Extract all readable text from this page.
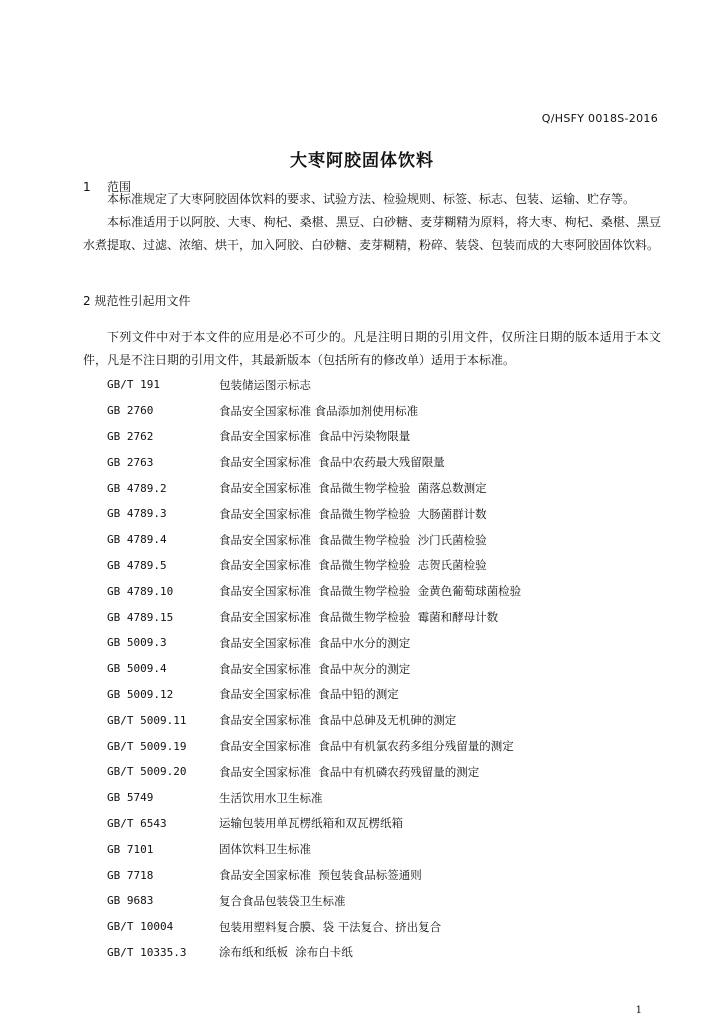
Q/HSFY 0018S-2016
大枣阿胶固体饮料
1 范围
本标准规定了大枣阿胶固体饮料的要求、试验方法、检验规则、标签、标志、包装、运输、贮存等。
本标准适用于以阿胶、大枣、枸杞、桑椹、黑豆、白砂糖、麦芽糊精为原料，将大枣、枸杞、桑椹、黑豆水煮提取、过滤、浓缩、烘干，加入阿胶、白砂糖、麦芽糊精，粉碎、装袋、包装而成的大枣阿胶固体饮料。
2 规范性引起用文件
下列文件中对于本文件的应用是必不可少的。凡是注明日期的引用文件，仅所注日期的版本适用于本文件，凡是不注日期的引用文件，其最新版本（包括所有的修改单）适用于本标准。
GB/T 191	包装储运图示标志
GB 2760	食品安全国家标准 食品添加剂使用标准
GB 2762	食品安全国家标准  食品中污染物限量
GB 2763	食品安全国家标准  食品中农药最大残留限量
GB 4789.2	食品安全国家标准  食品微生物学检验  菌落总数测定
GB 4789.3	食品安全国家标准  食品微生物学检验  大肠菌群计数
GB 4789.4	食品安全国家标准  食品微生物学检验  沙门氏菌检验
GB 4789.5	食品安全国家标准  食品微生物学检验  志贺氏菌检验
GB 4789.10	食品安全国家标准  食品微生物学检验  金黄色葡萄球菌检验
GB 4789.15	食品安全国家标准  食品微生物学检验  霉菌和酵母计数
GB 5009.3	食品安全国家标准  食品中水分的测定
GB 5009.4	食品安全国家标准  食品中灰分的测定
GB 5009.12	食品安全国家标准  食品中铅的测定
GB/T 5009.11	食品安全国家标准  食品中总砷及无机砷的测定
GB/T 5009.19	食品安全国家标准  食品中有机氯农药多组分残留量的测定
GB/T 5009.20	食品安全国家标准  食品中有机磷农药残留量的测定
GB 5749	生活饮用水卫生标准
GB/T 6543	运输包装用单瓦楞纸箱和双瓦楞纸箱
GB 7101	固体饮料卫生标准
GB 7718	食品安全国家标准  预包装食品标签通则
GB 9683	复合食品包装袋卫生标准
GB/T 10004	包装用塑料复合膜、袋 干法复合、挤出复合
GB/T 10335.3	涂布纸和纸板  涂布白卡纸
1
